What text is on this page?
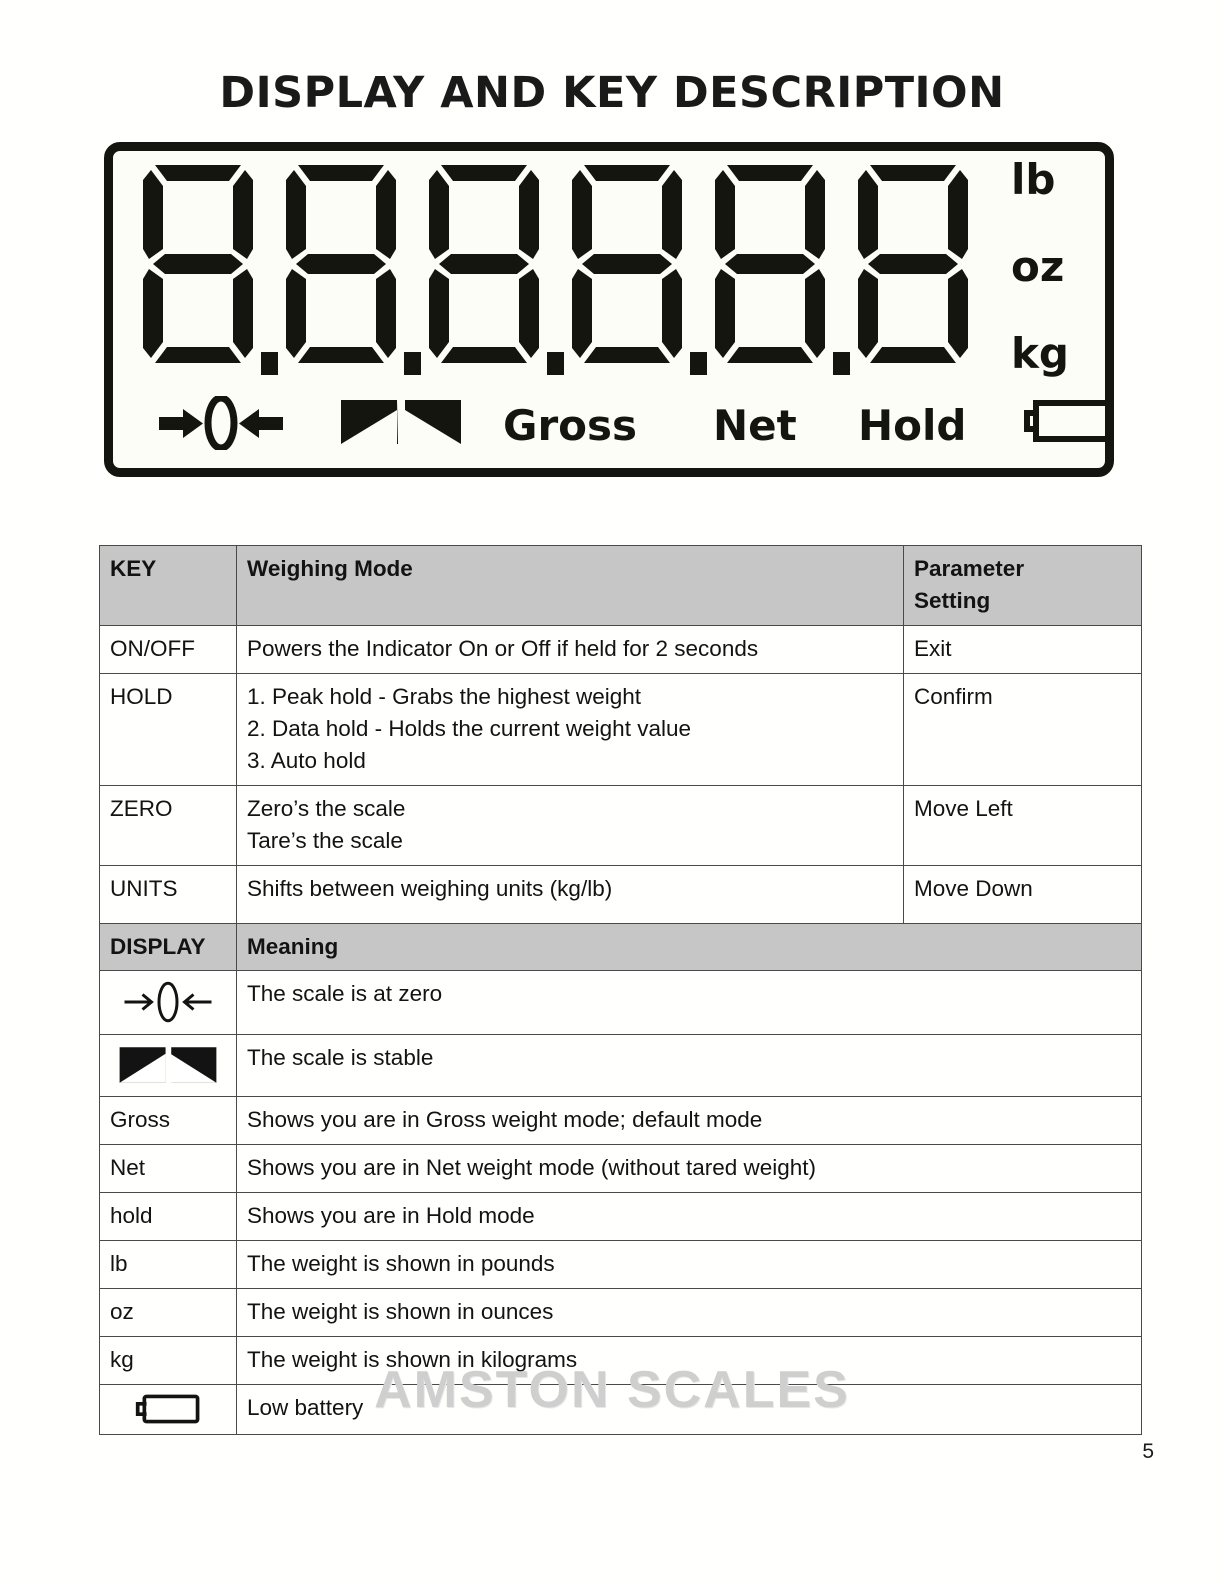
DISPLAY AND KEY DESCRIPTION
lb
oz
kg
Gross Net Hold
KEY	Weighing Mode	Parameter
Setting

ON/OFF	Powers the Indicator On or Off if held for 2 seconds	Exit
HOLD	1. Peak hold - Grabs the highest weight
2. Data hold - Holds the current weight value
3. Auto hold	Confirm
ZERO	Zero’s the scale
Tare’s the scale	Move Left
UNITS	Shifts between weighing units (kg/lb)	Move Down
DISPLAY	Meaning	

	The scale is at zero	

	The scale is stable	
Gross	Shows you are in Gross weight mode; default mode	
Net	Shows you are in Net weight mode (without tared weight)	
hold	Shows you are in Hold mode	
lb	The weight is shown in pounds	
oz	The weight is shown in ounces	
kg	The weight is shown in kilograms	

	Low battery	AMSTON SCALES
5
